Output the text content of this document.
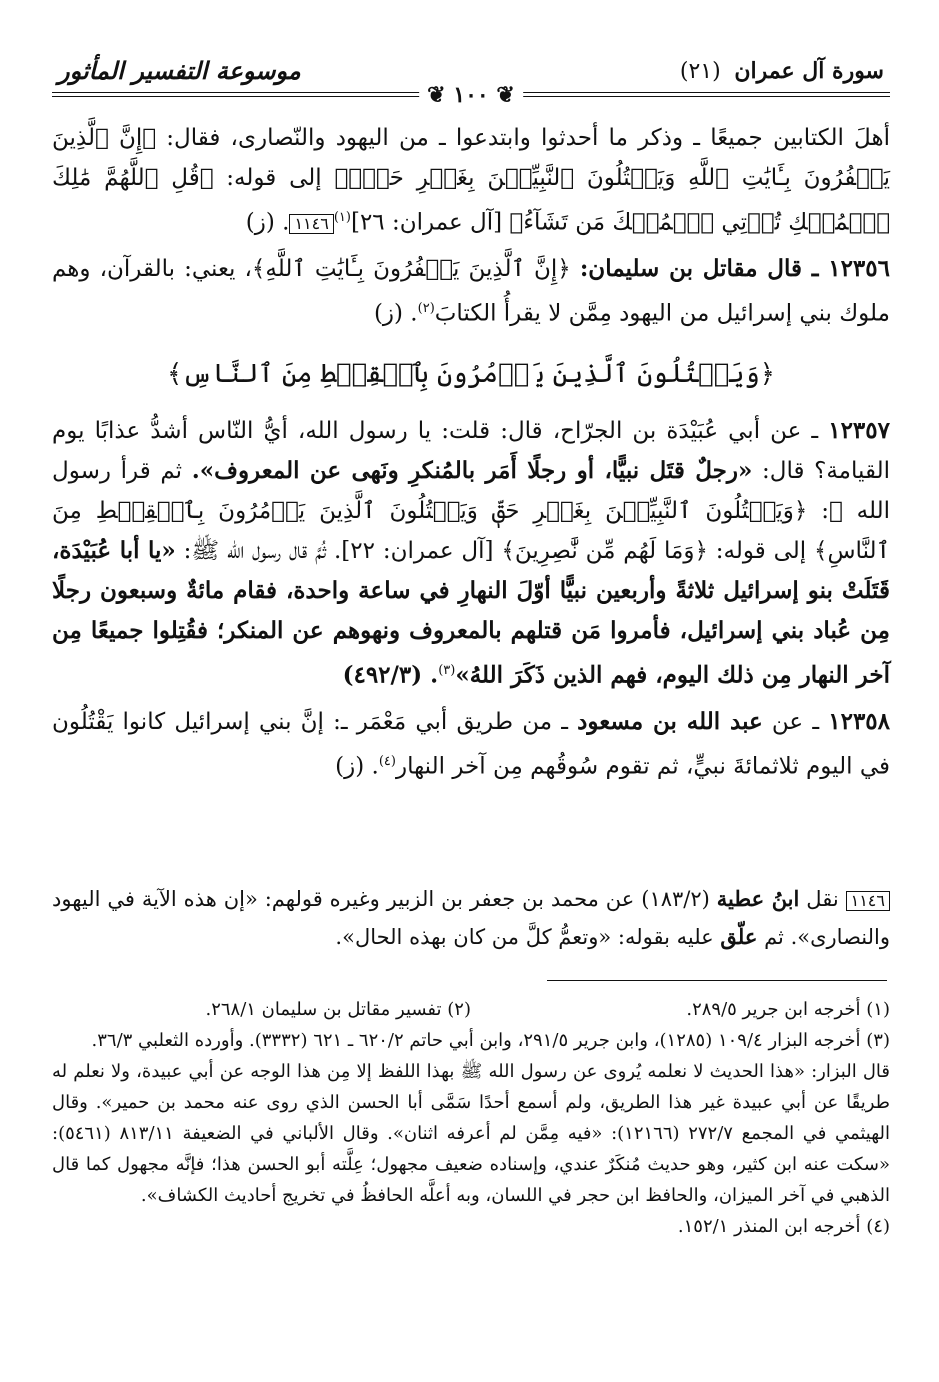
موسوعة التفسير المأثور	سورة آل عمران (٢١)
❦ ١٠٠ ❦

أهلَ الكتابين جميعًا ـ وذكر ما أحدثوا وابتدعوا ـ من اليهود والنّصارى، فقال: ﴿إِنَّ ٱلَّذِينَ يَكۡفُرُونَ بِـَٔايَٰتِ ٱللَّهِ وَيَقۡتُلُونَ ٱلنَّبِيِّـۧنَ بِغَيۡرِ حَقّٖ﴾ إلى قوله: ﴿قُلِ ٱللَّهُمَّ مَٰلِكَ ٱلۡمُلۡكِ تُؤۡتِي ٱلۡمُلۡكَ مَن تَشَآءُ﴾ [آل عمران: ٢٦]$^{(١)}$١١٤٦. (ز)

١٢٣٥٦ ـ قال مقاتل بن سليمان: ﴿إِنَّ ٱلَّذِينَ يَكۡفُرُونَ بِـَٔايَٰتِ ٱللَّهِ﴾، يعني: بالقرآن، وهم ملوك بني إسرائيل من اليهود مِمَّن لا يقرأُ الكتابَ$^{(٢)}$. (ز)

﴿وَيَقۡتُلُونَ ٱلَّذِينَ يَأۡمُرُونَ بِٱلۡقِسۡطِ مِنَ ٱلنَّاسِ﴾

١٢٣٥٧ ـ عن أبي عُبَيْدَة بن الجرّاح، قال: قلت: يا رسول الله، أيُّ النّاس أشدُّ عذابًا يوم القيامة؟ قال: «رجلٌ قتَل نبيًّا، أو رجلًا أَمَر بالمُنكرِ ونَهى عن المعروف». ثم قرأ رسول الله ﷺ: ﴿وَيَقۡتُلُونَ ٱلنَّبِيِّـۧنَ بِغَيۡرِ حَقّٖ وَيَقۡتُلُونَ ٱلَّذِينَ يَأۡمُرُونَ بِٱلۡقِسۡطِ مِنَ ٱلنَّاسِ﴾ إلى قوله: ﴿وَمَا لَهُم مِّن نَّٰصِرِينَ﴾ [آل عمران: ٢٢]. ثُمَّ قال رسول الله ﷺ: «يا أبا عُبَيْدَة، قَتَلَتْ بنو إسرائيل ثلاثةً وأربعين نبيًّا أوّلَ النهارِ في ساعة واحدة، فقام مائةٌ وسبعون رجلًا مِن عُباد بني إسرائيل، فأمروا مَن قتلهم بالمعروف ونهوهم عن المنكر؛ فقُتِلوا جميعًا مِن آخر النهار مِن ذلك اليوم، فهم الذين ذَكَرَ اللهُ»$^{(٣)}$. (٤٩٢/٣)

١٢٣٥٨ ـ عن عبد الله بن مسعود ـ من طريق أبي مَعْمَر ـ: إنَّ بني إسرائيل كانوا يَقْتُلُون في اليوم ثلاثمائةَ نبيٍّ، ثم تقوم سُوقُهم مِن آخر النهار$^{(٤)}$. (ز)

١١٤٦ نقل ابنُ عطية (١٨٣/٢) عن محمد بن جعفر بن الزبير وغيره قولهم: «إن هذه الآية في اليهود والنصارى». ثم علّق عليه بقوله: «وتعمُّ كلَّ من كان بهذه الحال».
(١) أخرجه ابن جرير ٢٨٩/٥.
(٢) تفسير مقاتل بن سليمان ٢٦٨/١.
(٣) أخرجه البزار ١٠٩/٤ (١٢٨٥)، وابن جرير ٢٩١/٥، وابن أبي حاتم ٦٢٠/٢ ـ ٦٢١ (٣٣٣٢). وأورده الثعلبي ٣٦/٣.
قال البزار: «هذا الحديث لا نعلمه يُروى عن رسول الله ﷺ بهذا اللفظ إلا مِن هذا الوجه عن أبي عبيدة، ولا نعلم له طريقًا عن أبي عبيدة غير هذا الطريق، ولم أسمع أحدًا سَمَّى أبا الحسن الذي روى عنه محمد بن حمير». وقال الهيثمي في المجمع ٢٧٢/٧ (١٢١٦٦): «فيه مِمَّن لم أعرفه اثنان». وقال الألباني في الضعيفة ٨١٣/١١ (٥٤٦١): «سكت عنه ابن كثير، وهو حديث مُنكَرٌ عندي، وإسناده ضعيف مجهول؛ عِلَّته أبو الحسن هذا؛ فإنَّه مجهول كما قال الذهبي في آخر الميزان، والحافظ ابن حجر في اللسان، وبه أعلَّه الحافظُ في تخريج أحاديث الكشاف».
(٤) أخرجه ابن المنذر ١٥٢/١.
